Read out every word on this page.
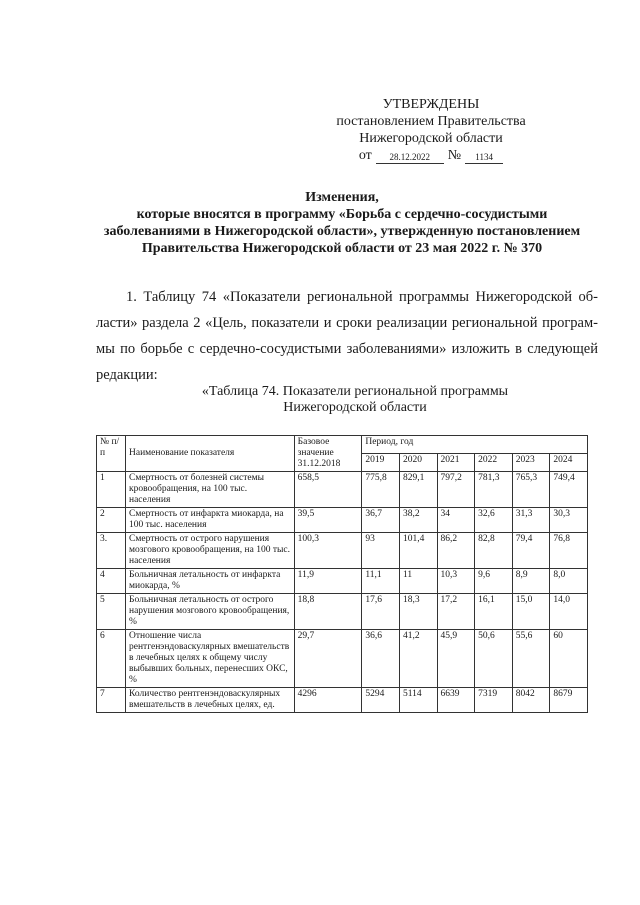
УТВЕРЖДЕНЫ
постановлением Правительства
Нижегородской области
от	28.12.2022	№	1134
Изменения,
которые вносятся в программу «Борьба с сердечно-сосудистыми
заболеваниями в Нижегородской области», утвержденную постановлением
Правительства Нижегородской области от 23 мая 2022 г. № 370
1. Таблицу 74 «Показатели региональной программы Нижегородской об-
ласти» раздела 2 «Цель, показатели и сроки реализации региональной програм-
мы по борьбе с сердечно-сосудистыми заболеваниями» изложить в следующей
редакции:
«Таблица 74. Показатели региональной программы
Нижегородской области
№ п/п	Наименование показателя	Базовое значение 31.12.2018	Период, год					
			2019	2020	2021	2022	2023	2024
1	Смертность от болезней системы кровообращения, на 100 тыс. населения	658,5	775,8	829,1	797,2	781,3	765,3	749,4
2	Смертность от инфаркта миокарда, на 100 тыс. населения	39,5	36,7	38,2	34	32,6	31,3	30,3
3.	Смертность от острого нарушения мозгового кровообращения, на 100 тыс. населения	100,3	93	101,4	86,2	82,8	79,4	76,8
4	Больничная летальность от инфаркта миокарда, %	11,9	11,1	11	10,3	9,6	8,9	8,0
5	Больничная летальность от острого нарушения мозгового кровообращения, %	18,8	17,6	18,3	17,2	16,1	15,0	14,0
6	Отношение числа рентгенэндоваскулярных вмешательств в лечебных целях к общему числу выбывших больных, перенесших ОКС, %	29,7	36,6	41,2	45,9	50,6	55,6	60
7	Количество рентгенэндоваскулярных вмешательств в лечебных целях, ед.	4296	5294	5114	6639	7319	8042	8679
